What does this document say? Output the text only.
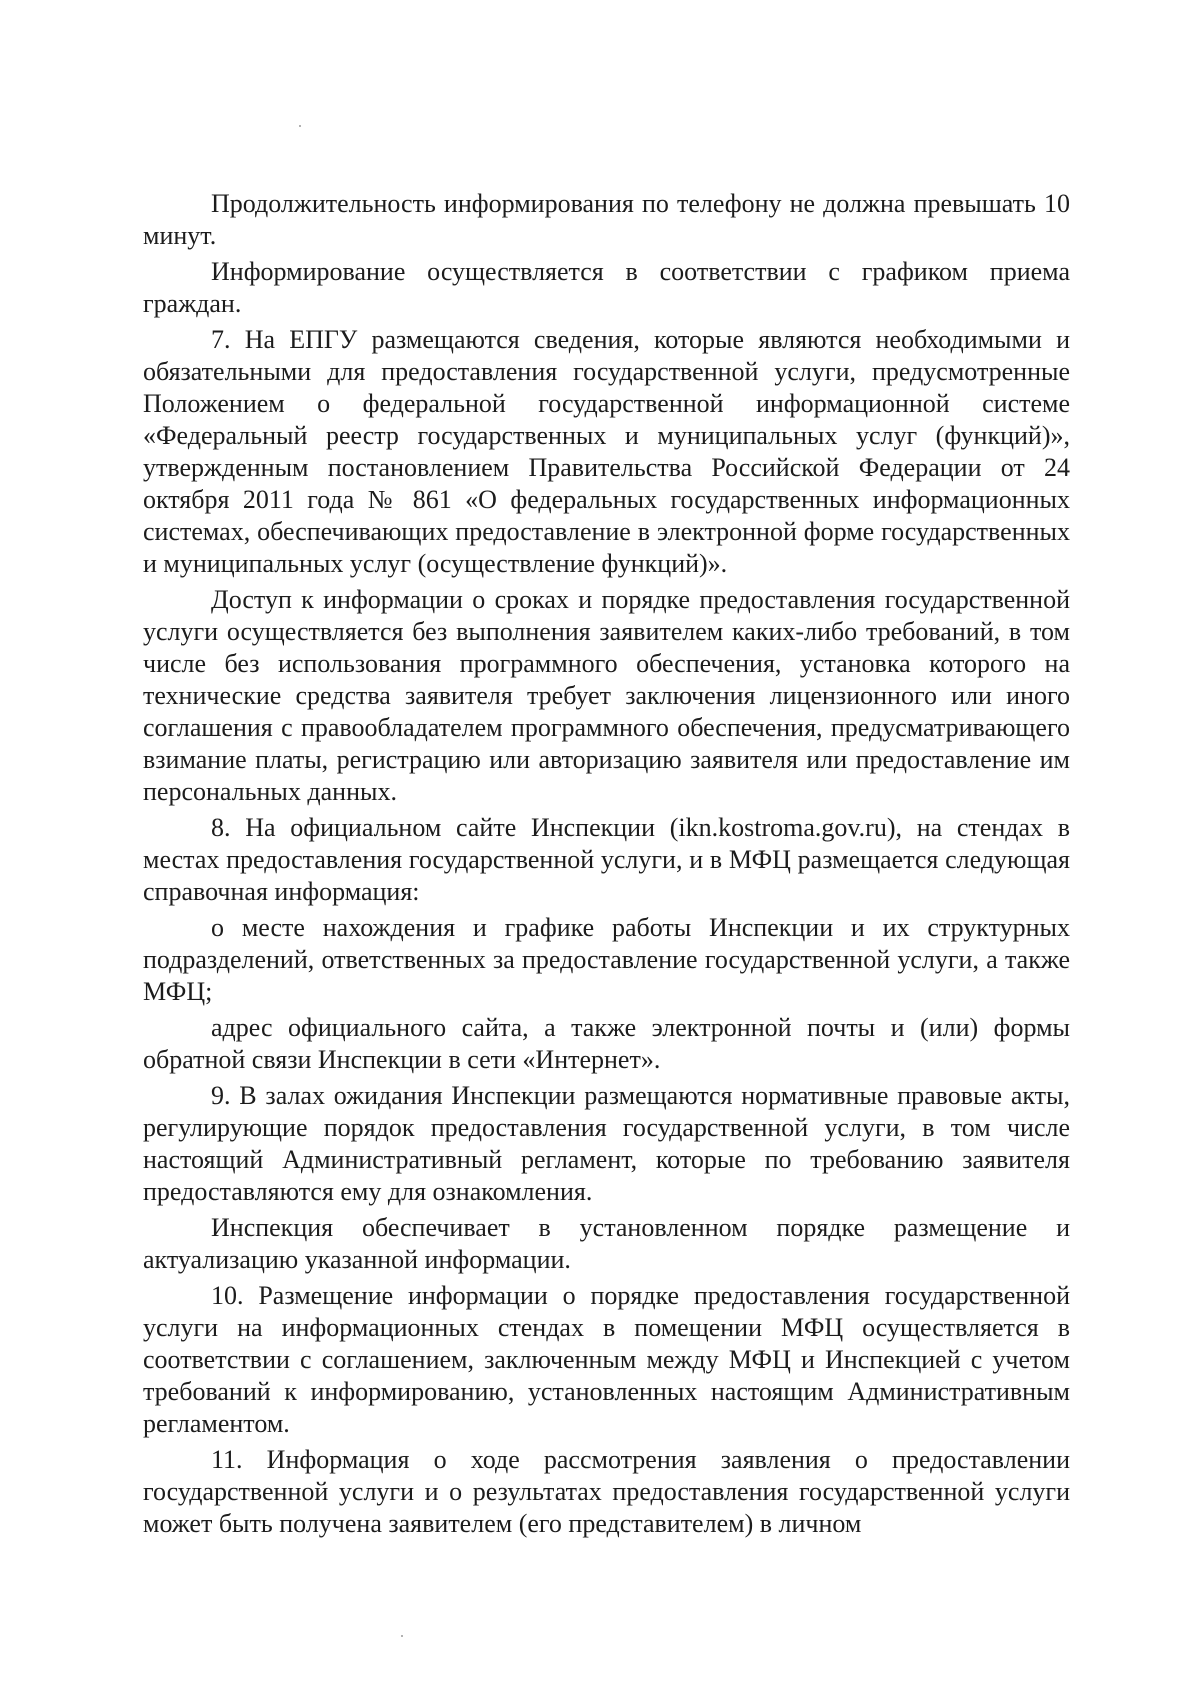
Продолжительность информирования по телефону не должна превышать 10 минут.

Информирование осуществляется в соответствии с графиком приема граждан.

7. На ЕПГУ размещаются сведения, которые являются необходимыми и обязательными для предоставления государственной услуги, предусмотренные Положением о федеральной государственной информационной системе «Федеральный реестр государственных и муниципальных услуг (функций)», утвержденным постановлением Правительства Российской Федерации от 24 октября 2011 года № 861 «О федеральных государственных информационных системах, обеспечивающих предоставление в электронной форме государственных и муниципальных услуг (осуществление функций)».

Доступ к информации о сроках и порядке предоставления государственной услуги осуществляется без выполнения заявителем каких-либо требований, в том числе без использования программного обеспечения, установка которого на технические средства заявителя требует заключения лицензионного или иного соглашения с правообладателем программного обеспечения, предусматривающего взимание платы, регистрацию или авторизацию заявителя или предоставление им персональных данных.

8. На официальном сайте Инспекции (ikn.kostroma.gov.ru), на стендах в местах предоставления государственной услуги, и в МФЦ размещается следующая справочная информация:

о месте нахождения и графике работы Инспекции и их структурных подразделений, ответственных за предоставление государственной услуги, а также МФЦ;

адрес официального сайта, а также электронной почты и (или) формы обратной связи Инспекции в сети «Интернет».

9. В залах ожидания Инспекции размещаются нормативные правовые акты, регулирующие порядок предоставления государственной услуги, в том числе настоящий Административный регламент, которые по требованию заявителя предоставляются ему для ознакомления.

Инспекция обеспечивает в установленном порядке размещение и актуализацию указанной информации.

10. Размещение информации о порядке предоставления государственной услуги на информационных стендах в помещении МФЦ осуществляется в соответствии с соглашением, заключенным между МФЦ и Инспекцией с учетом требований к информированию, установленных настоящим Административным регламентом.

11. Информация о ходе рассмотрения заявления о предоставлении государственной услуги и о результатах предоставления государственной услуги может быть получена заявителем (его представителем) в личном
